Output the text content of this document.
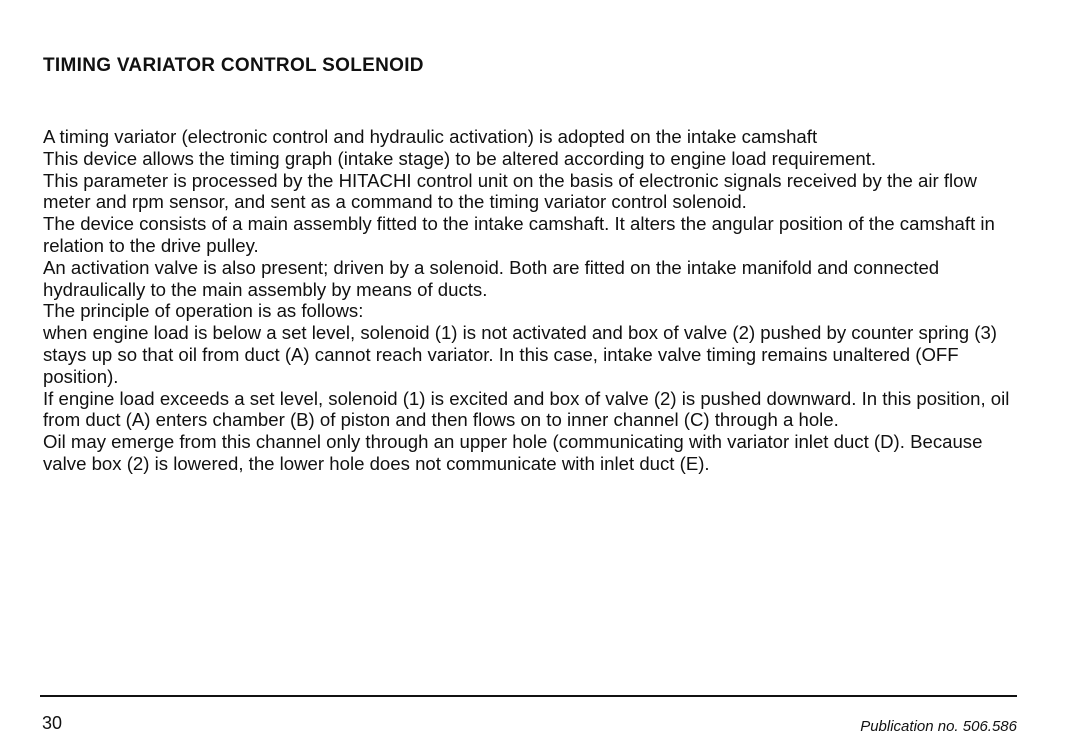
TIMING VARIATOR CONTROL SOLENOID

A timing variator (electronic control and hydraulic activation) is adopted on the intake camshaft

This device allows the timing graph (intake stage) to be altered according to engine load requirement.

This parameter is processed by the HITACHI control unit on the basis of electronic signals received by the air flow meter and rpm sensor, and sent as a command to the timing variator control solenoid.

The device consists of a main assembly fitted to the intake camshaft. It alters the angular position of the camshaft in relation to the drive pulley.

An activation valve is also present; driven by a solenoid. Both are fitted on the intake manifold and connected hydraulically to the main assembly by means of ducts.

The principle of operation is as follows:

when engine load is below a set level, solenoid (1) is not activated and box of valve (2) pushed by counter spring (3) stays up so that oil from duct (A) cannot reach variator. In this case, intake valve timing remains unaltered (OFF position).

If engine load exceeds a set level, solenoid (1) is excited and box of valve (2) is pushed downward. In this position, oil from duct (A) enters chamber (B) of piston and then flows on to inner channel (C) through a hole.

Oil may emerge from this channel only through an upper hole (communicating with variator inlet duct (D). Because valve box (2) is lowered, the lower hole does not communicate with inlet duct (E).

30	Publication no. 506.586
